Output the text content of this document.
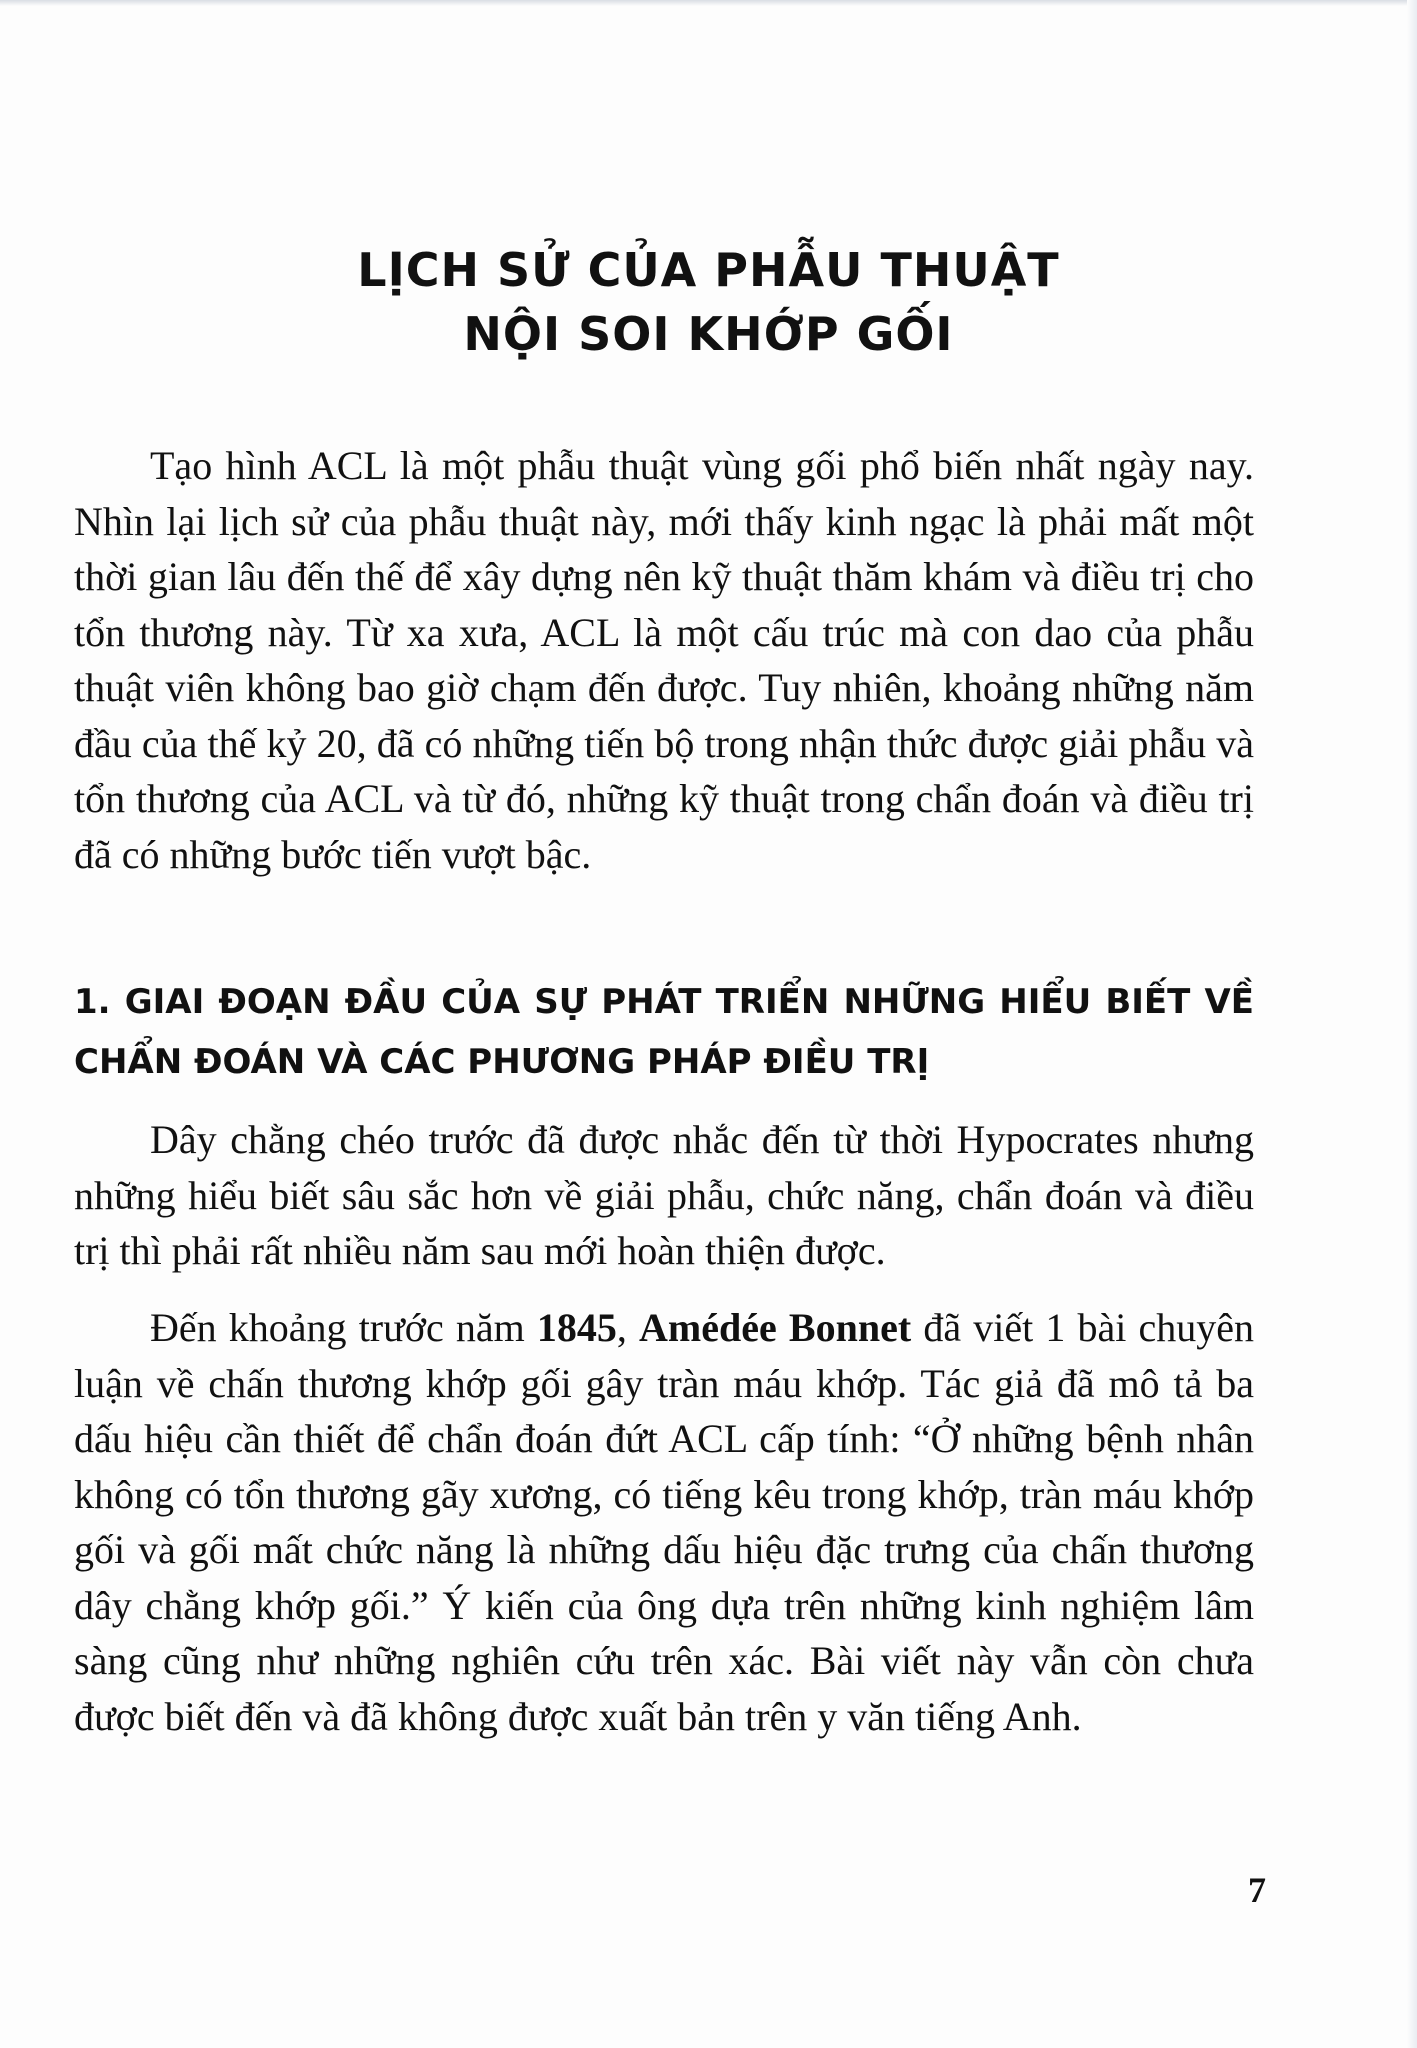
LỊCH SỬ CỦA PHẪU THUẬT
NỘI SOI KHỚP GỐI

Tạo hình ACL là một phẫu thuật vùng gối phổ biến nhất ngày nay. Nhìn lại lịch sử của phẫu thuật này, mới thấy kinh ngạc là phải mất một thời gian lâu đến thế để xây dựng nên kỹ thuật thăm khám và điều trị cho tổn thương này. Từ xa xưa, ACL là một cấu trúc mà con dao của phẫu thuật viên không bao giờ chạm đến được. Tuy nhiên, khoảng những năm đầu của thế kỷ 20, đã có những tiến bộ trong nhận thức được giải phẫu và tổn thương của ACL và từ đó, những kỹ thuật trong chẩn đoán và điều trị đã có những bước tiến vượt bậc.

1. GIAI ĐOẠN ĐẦU CỦA SỰ PHÁT TRIỂN NHỮNG HIỂU BIẾT VỀ CHẨN ĐOÁN VÀ CÁC PHƯƠNG PHÁP ĐIỀU TRỊ

Dây chằng chéo trước đã được nhắc đến từ thời Hypocrates nhưng những hiểu biết sâu sắc hơn về giải phẫu, chức năng, chẩn đoán và điều trị thì phải rất nhiều năm sau mới hoàn thiện được.

Đến khoảng trước năm 1845, Amédée Bonnet đã viết 1 bài chuyên luận về chấn thương khớp gối gây tràn máu khớp. Tác giả đã mô tả ba dấu hiệu cần thiết để chẩn đoán đứt ACL cấp tính: “Ở những bệnh nhân không có tổn thương gãy xương, có tiếng kêu trong khớp, tràn máu khớp gối và gối mất chức năng là những dấu hiệu đặc trưng của chấn thương dây chằng khớp gối.” Ý kiến của ông dựa trên những kinh nghiệm lâm sàng cũng như những nghiên cứu trên xác. Bài viết này vẫn còn chưa được biết đến và đã không được xuất bản trên y văn tiếng Anh.

7
